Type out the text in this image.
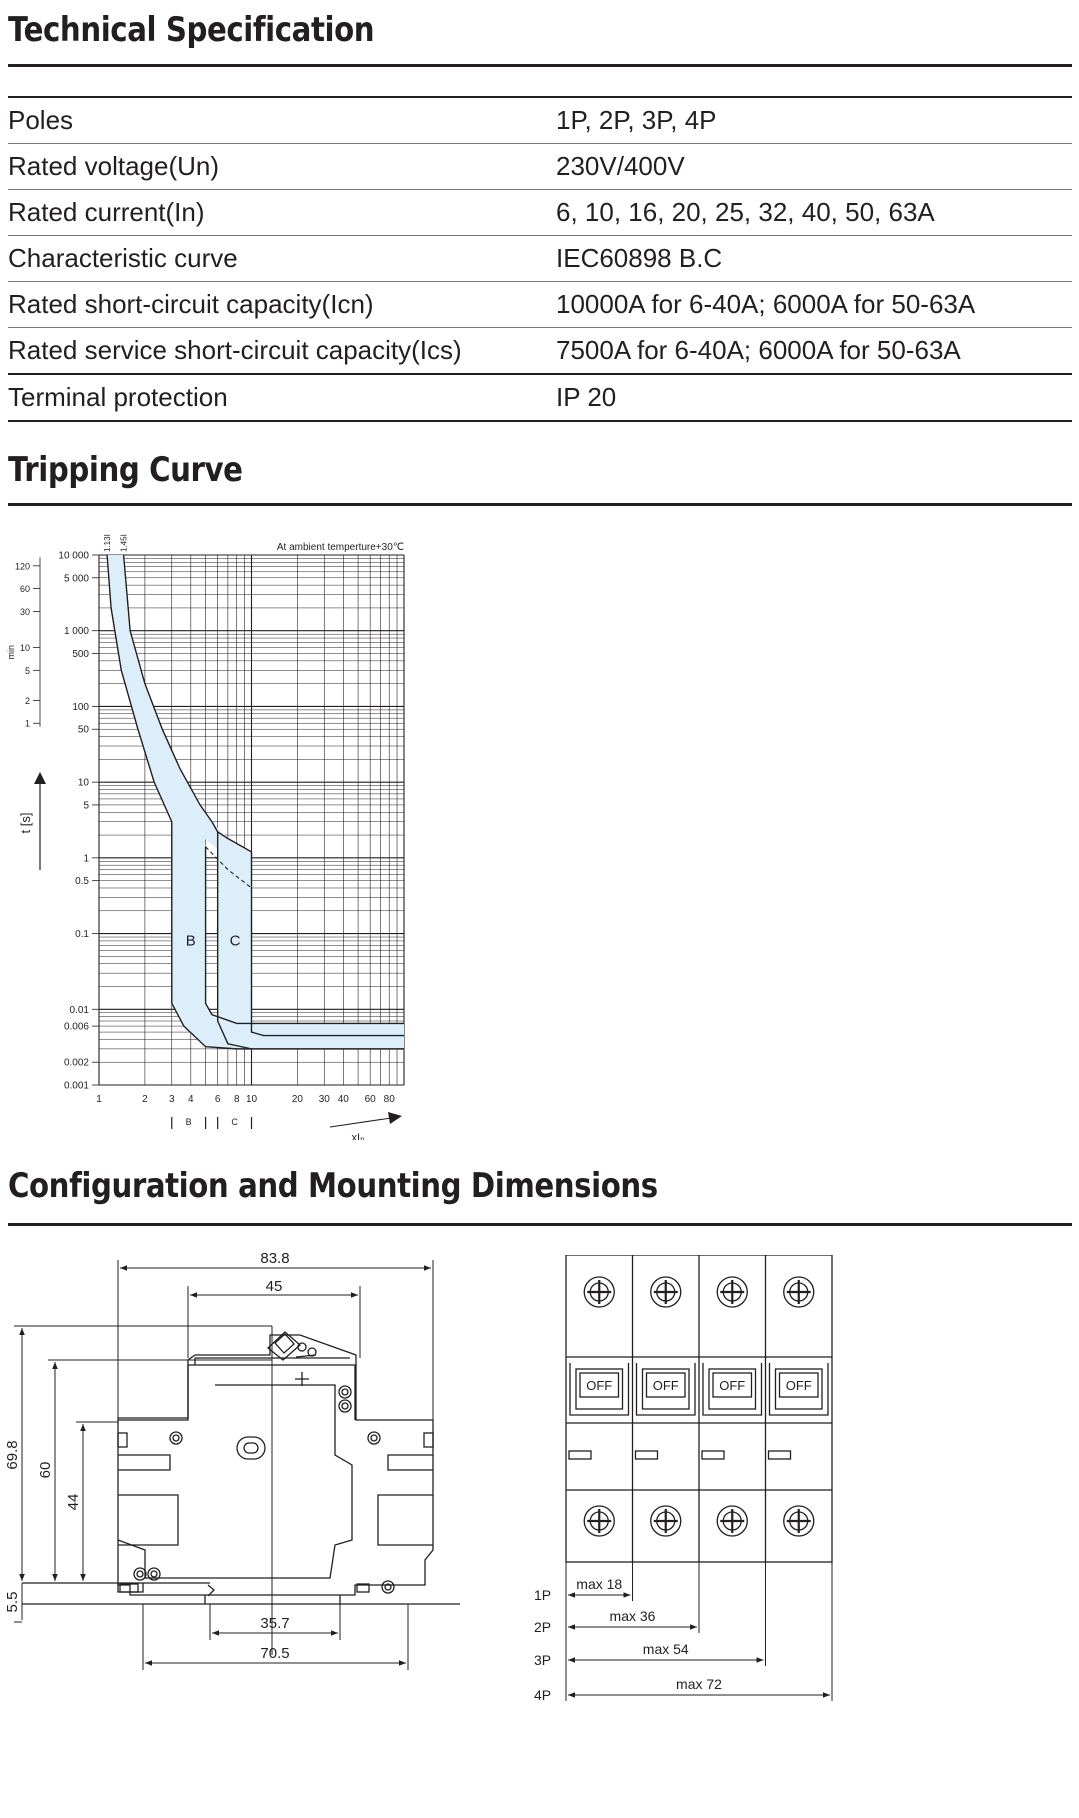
Technical Specification
Poles	1P, 2P, 3P, 4P
Rated voltage(Un)	230V/400V
Rated current(In)	6, 10, 16, 20, 25, 32, 40, 50, 63A
Characteristic curve	IEC60898 B.C
Rated short-circuit capacity(Icn)	10000A for 6-40A; 6000A for 50-63A
Rated service short-circuit capacity(Ics)	7500A for 6-40A; 6000A for 50-63A
Terminal protection	IP 20
Tripping Curve
B C
At ambient temperture+30℃
1.13I 1.45I
10 000
5 000
1 000
500
100
50
10
5
1
0.5
0.1
0.01
0.006
0.002
0.001
120
60
30
10
5
2
1
min
t [s]
1	2 3 4 6 8 10	20 30 40 60 80
B	C
xIₙ
Configuration and Mounting Dimensions
83.8
45
69.8
60
44
5.5
35.7
70.5
OFF	OFF	OFF	OFF
max 18
1P
max 36
2P
max 54
3P
max 72
4P
